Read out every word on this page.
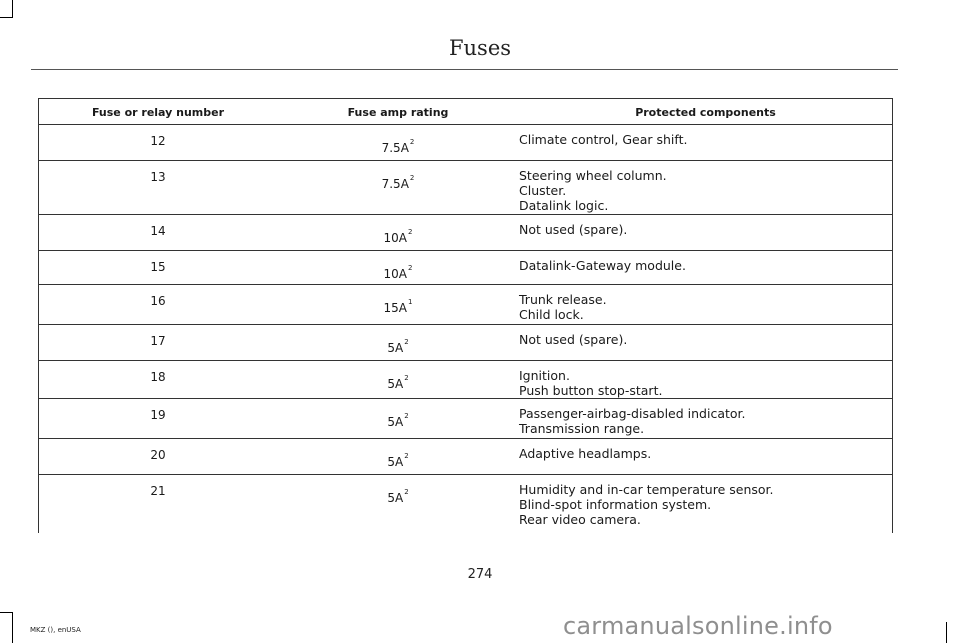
Fuses
Fuse or relay number	Fuse amp rating	Protected components
12	$7.5A^2$	Climate control, Gear shift.
13	$7.5A^2$	Steering wheel column.
Cluster.
Datalink logic.
14	$10A^2$	Not used (spare).
15	$10A^2$	Datalink-Gateway module.
16	$15A^1$	Trunk release.
Child lock.
17	$5A^2$	Not used (spare).
18	$5A^2$	Ignition.
Push button stop-start.
19	$5A^2$	Passenger-airbag-disabled indicator.
Transmission range.
20	$5A^2$	Adaptive headlamps.
21	$5A^2$	Humidity and in-car temperature sensor.
Blind-spot information system.
Rear video camera.
274
MKZ (), enUSA	carmanualsonline.info
